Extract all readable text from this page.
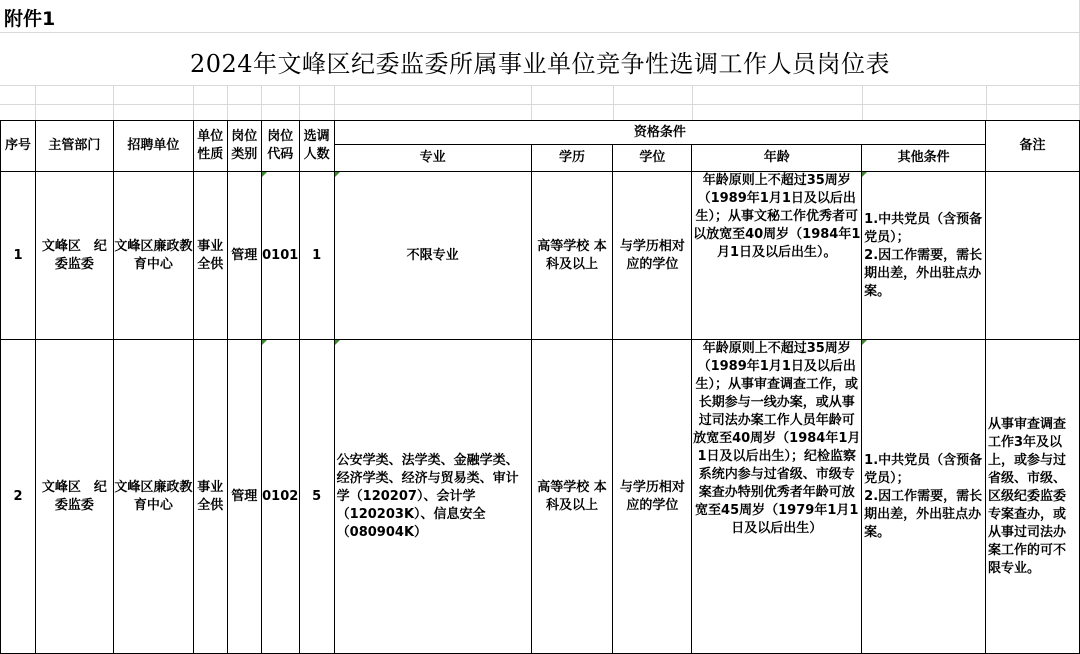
附件1
2024年文峰区纪委监委所属事业单位竞争性选调工作人员岗位表
序号	主管部门	招聘单位	单位性质	岗位类别	岗位代码	选调人数	资格条件					备注
							专业	学历	学位	年龄	其他条件	
1	文峰区　纪委监委	文峰区廉政教育中心	事业全供	管理	0101	1	不限专业	高等学校 本科及以上	与学历相对应的学位	年龄原则上不超过35周岁（1989年1月1日及以后出生）；从事文秘工作优秀者可以放宽至40周岁（1984年1月1日及以后出生）。	1.中共党员（含预备党员）；
2.因工作需要，需长期出差，外出驻点办案。

2	文峰区　纪委监委	文峰区廉政教育中心	事业全供	管理	0102	5	公安学类、法学类、金融学类、经济学类、经济与贸易类、审计学（120207）、会计学（120203K）、信息安全（080904K）	高等学校 本科及以上	与学历相对应的学位	年龄原则上不超过35周岁（1989年1月1日及以后出生）；从事审查调查工作，或长期参与一线办案，或从事过司法办案工作人员年龄可放宽至40周岁（1984年1月1日及以后出生）；纪检监察系统内参与过省级、市级专案查办特别优秀者年龄可放宽至45周岁（1979年1月1日及以后出生）	1.中共党员（含预备党员）；
2.因工作需要，需长期出差，外出驻点办案。	从事审查调查工作3年及以上，或参与过省级、市级、区级纪委监委专案查办，或从事过司法办案工作的可不限专业。
